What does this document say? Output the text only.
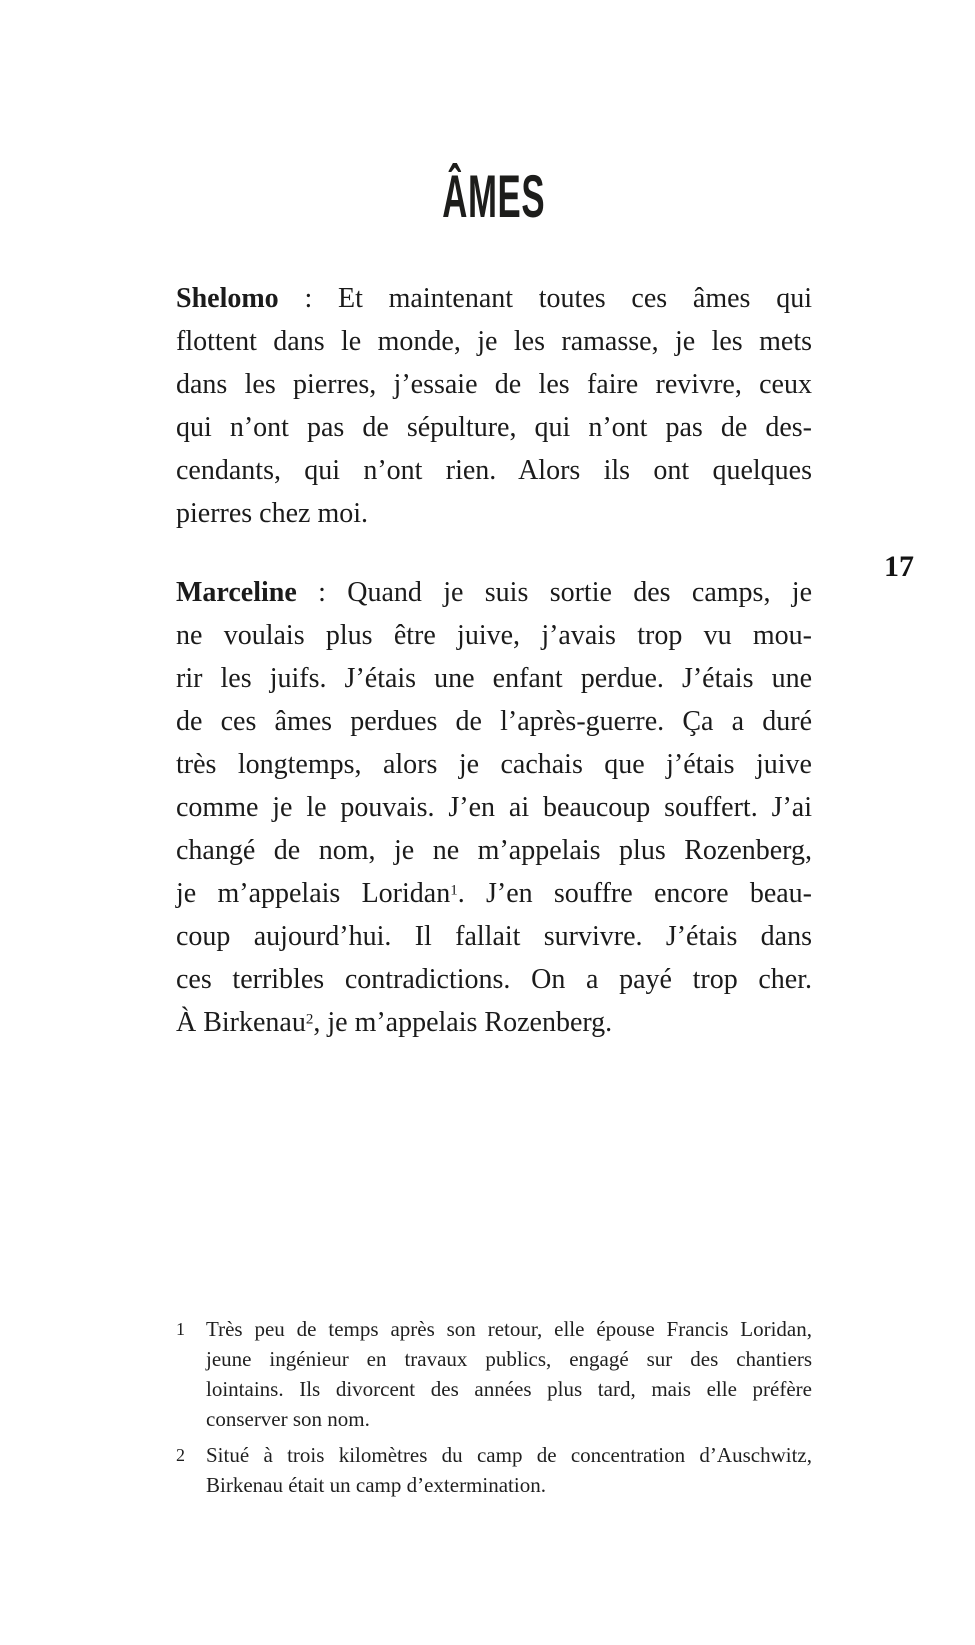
ÂMES
17
Shelomo : Et maintenant toutes ces âmes qui
flottent dans le monde, je les ramasse, je les mets
dans les pierres, j’essaie de les faire revivre, ceux
qui n’ont pas de sépulture, qui n’ont pas de des-
cendants, qui n’ont rien. Alors ils ont quelques
pierres chez moi.
Marceline : Quand je suis sortie des camps, je
ne voulais plus être juive, j’avais trop vu mou-
rir les juifs. J’étais une enfant perdue. J’étais une
de ces âmes perdues de l’après-guerre. Ça a duré
très longtemps, alors je cachais que j’étais juive
comme je le pouvais. J’en ai beaucoup souffert. J’ai
changé de nom, je ne m’appelais plus Rozenberg,
je m’appelais Loridan$^1$. J’en souffre encore beau-
coup aujourd’hui. Il fallait survivre. J’étais dans
ces terribles contradictions. On a payé trop cher.
À Birkenau$^2$, je m’appelais Rozenberg.
1	Très peu de temps après son retour, elle épouse Francis Loridan,
jeune ingénieur en travaux publics, engagé sur des chantiers
lointains. Ils divorcent des années plus tard, mais elle préfère
conserver son nom.
2	Situé à trois kilomètres du camp de concentration d’Auschwitz,
Birkenau était un camp d’extermination.
